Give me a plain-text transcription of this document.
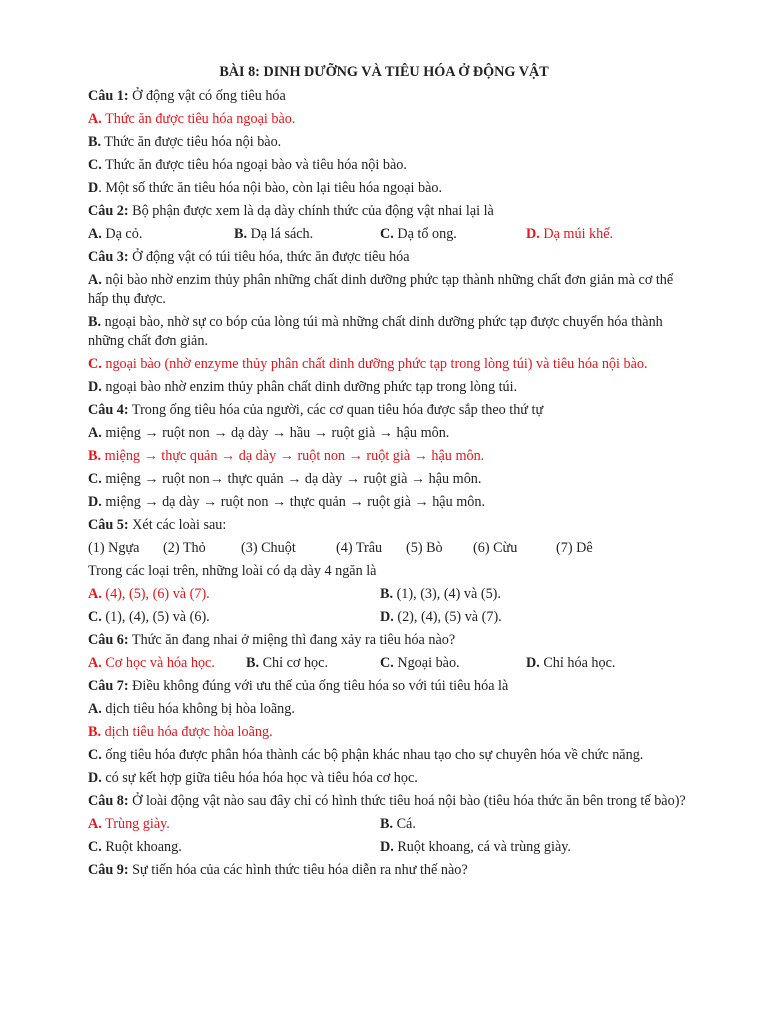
BÀI 8: DINH DƯỠNG VÀ TIÊU HÓA Ở ĐỘNG VẬT

Câu 1: Ở động vật có ống tiêu hóa

A. Thức ăn được tiêu hóa ngoại bào.

B. Thức ăn được tiêu hóa nội bào.

C. Thức ăn được tiêu hóa ngoại bào và tiêu hóa nội bào.

D. Một số thức ăn tiêu hóa nội bào, còn lại tiêu hóa ngoại bào.

Câu 2: Bộ phận được xem là dạ dày chính thức của động vật nhai lại là

A. Dạ cỏ.	B. Dạ lá sách.	C. Dạ tổ ong.	D. Dạ múi khế.

Câu 3: Ở động vật có túi tiêu hóa, thức ăn được tiêu hóa

A. nội bào nhờ enzim thủy phân những chất dinh dưỡng phức tạp thành những chất đơn giản mà cơ thể hấp thụ được.

B. ngoại bào, nhờ sự co bóp của lòng túi mà những chất dinh dưỡng phức tạp được chuyển hóa thành những chất đơn giản.

C. ngoại bào (nhờ enzyme thủy phân chất dinh dưỡng phức tạp trong lòng túi) và tiêu hóa nội bào.

D. ngoại bào nhờ enzim thủy phân chất dinh dưỡng phức tạp trong lòng túi.

Câu 4: Trong ống tiêu hóa của người, các cơ quan tiêu hóa được sắp theo thứ tự

A. miệng → ruột non → dạ dày → hầu → ruột già → hậu môn.

B. miệng → thực quản → dạ dày → ruột non → ruột già → hậu môn.

C. miệng → ruột non→ thực quản → dạ dày → ruột già → hậu môn.

D. miệng → dạ dày → ruột non → thực quản → ruột già → hậu môn.

Câu 5: Xét các loài sau:

(1) Ngựa	(2) Thỏ	(3) Chuột	(4) Trâu	(5) Bò	(6) Cừu	(7) Dê

Trong các loại trên, những loài có dạ dày 4 ngăn là

A. (4), (5), (6) và (7).	B. (1), (3), (4) và (5).
C. (1), (4), (5) và (6).	D. (2), (4), (5) và (7).

Câu 6: Thức ăn đang nhai ở miệng thì đang xảy ra tiêu hóa nào?

A. Cơ học và hóa học.	B. Chỉ cơ học.	C. Ngoại bào.	D. Chỉ hóa học.

Câu 7: Điều không đúng với ưu thế của ống tiêu hóa so với túi tiêu hóa là

A. dịch tiêu hóa không bị hòa loãng.

B. dịch tiêu hóa được hòa loãng.

C. ống tiêu hóa được phân hóa thành các bộ phận khác nhau tạo cho sự chuyên hóa về chức năng.

D. có sự kết hợp giữa tiêu hóa hóa học và tiêu hóa cơ học.

Câu 8: Ở loài động vật nào sau đây chỉ có hình thức tiêu hoá nội bào (tiêu hóa thức ăn bên trong tế bào)?

A. Trùng giày.	B. Cá.
C. Ruột khoang.	D. Ruột khoang, cá và trùng giày.

Câu 9: Sự tiến hóa của các hình thức tiêu hóa diễn ra như thế nào?
